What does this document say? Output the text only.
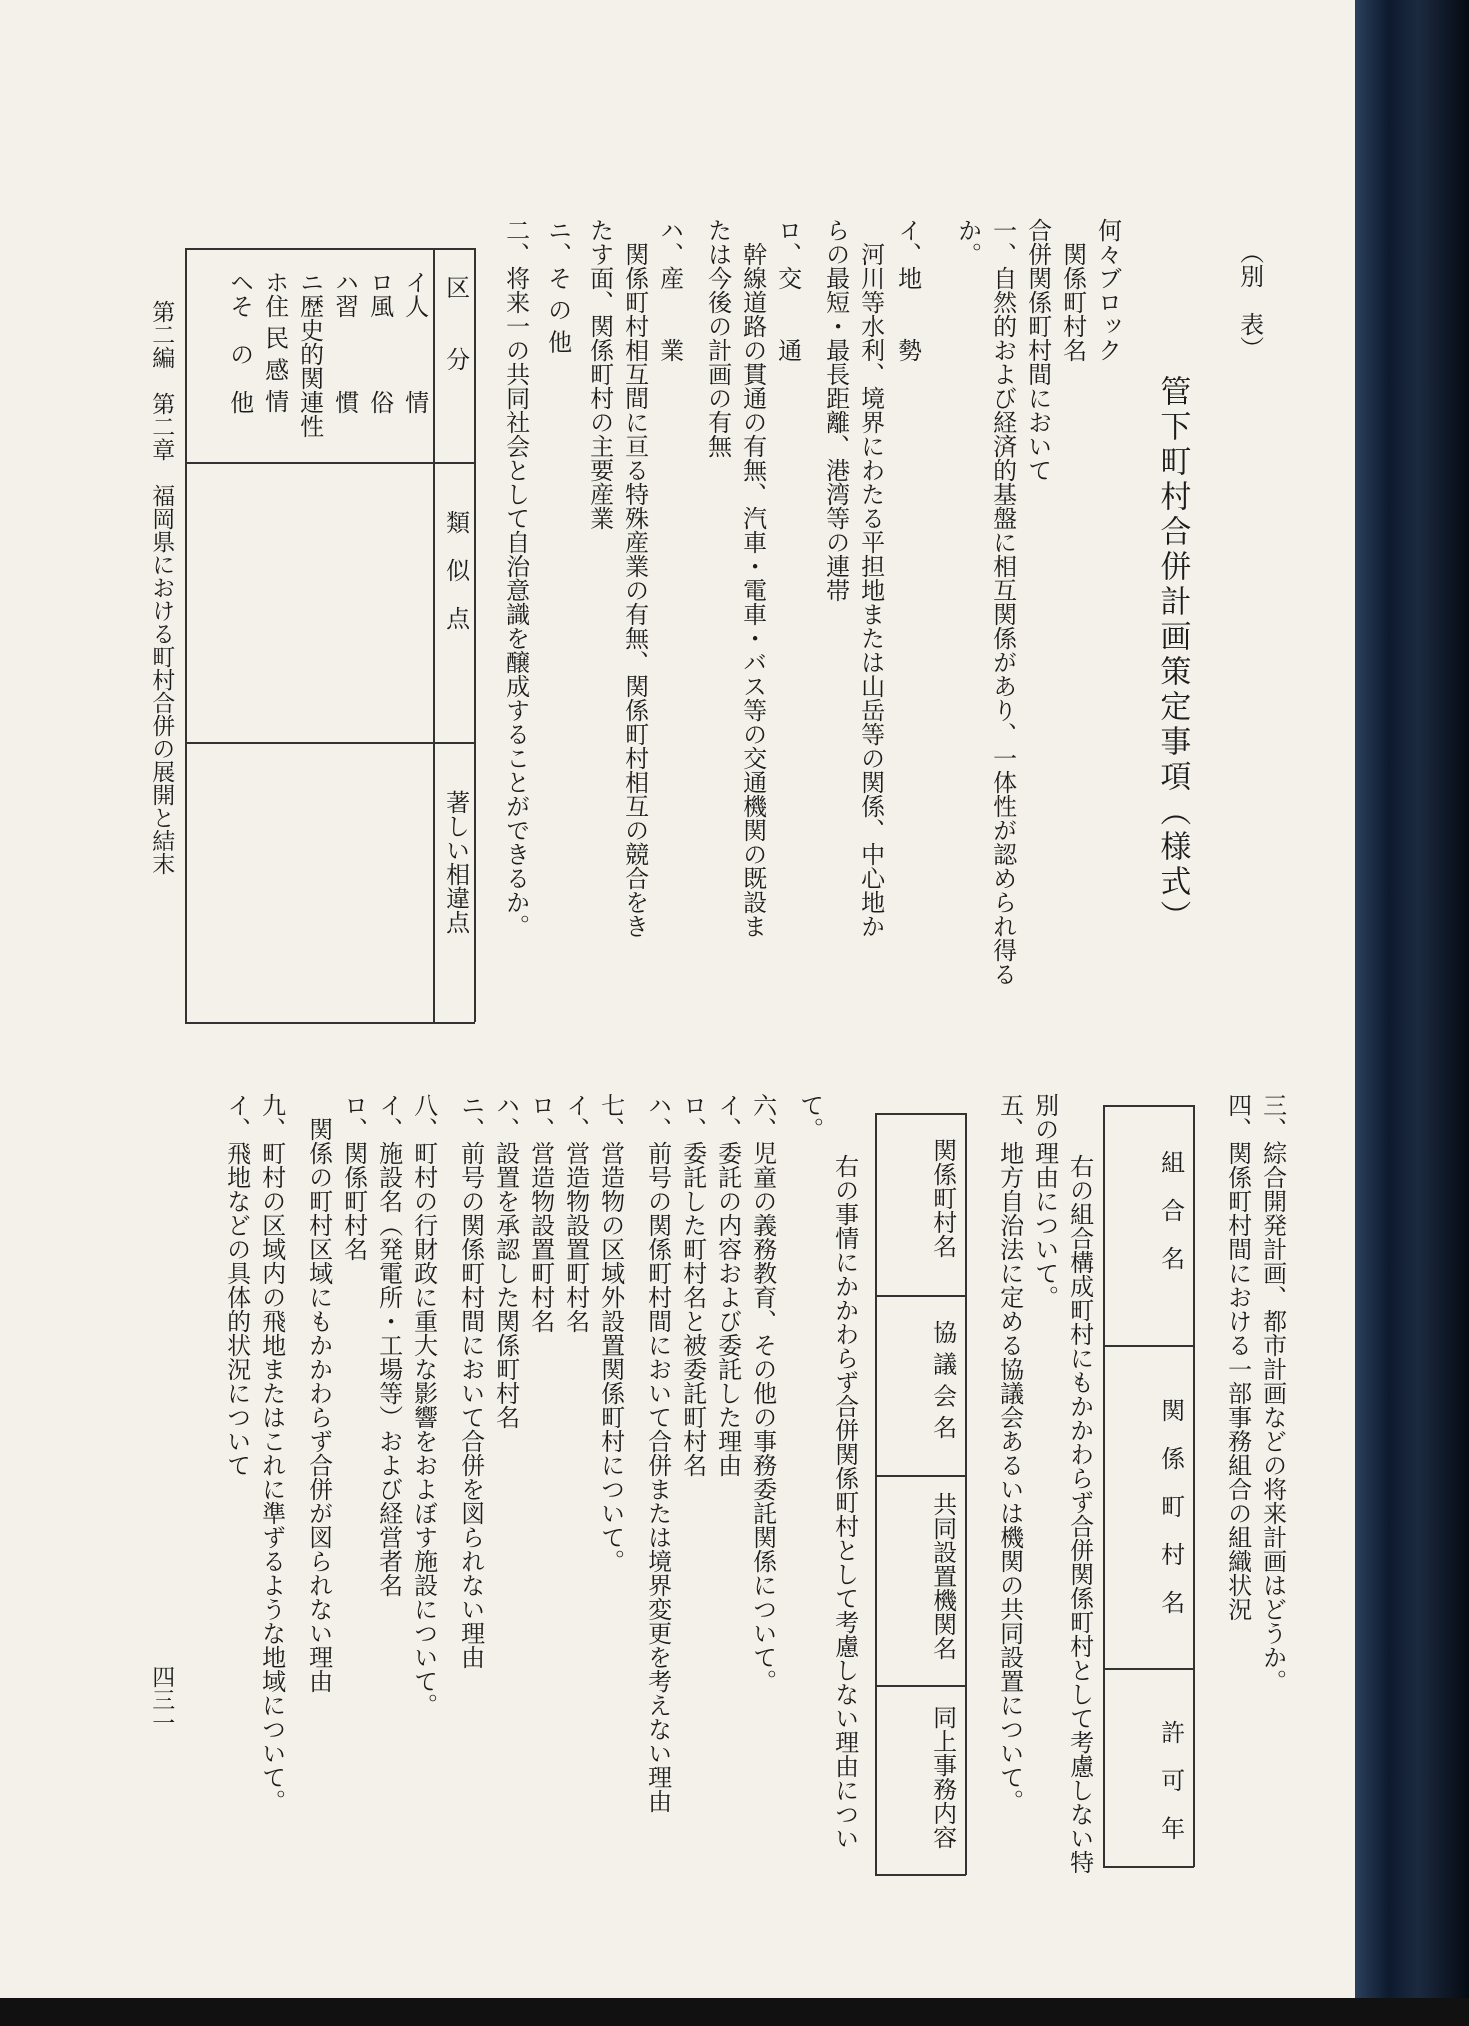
（別　表）
管下町村合併計画策定事項（様式）
何々ブロック
　関係町村名
合併関係町村間において
一、自然的および経済的基盤に相互関係があり、一体性が認められ得る
か。
イ、地　　勢
　河川等水利、境界にわたる平担地または山岳等の関係、中心地か
らの最短・最長距離、港湾等の連帯
ロ、交　　通
　幹線道路の貫通の有無、汽車・電車・バス等の交通機関の既設ま
たは今後の計画の有無
ハ、産　　業
　関係町村相互間に亘る特殊産業の有無、関係町村相互の競合をき
たす面、関係町村の主要産業
ニ、そ の 他
二、将来一の共同社会として自治意識を醸成することができるか。
区　　分
類　似　点
著しい相違点
イ人　　　情
ロ風　　　俗
ハ習　　　慣
ニ歴史的関連性
ホ住 民 感 情
ヘそ　の　他
第二編　第二章　福岡県における町村合併の展開と結末
四三一
三、綜合開発計画、都市計画などの将来計画はどうか。
四、関係町村間における一部事務組合の組織状況
組　合　名
関　係　町　村　名
許　可　年
　右の組合構成町村にもかかわらず合併関係町村として考慮しない特
別の理由について。
五、地方自治法に定める協議会あるいは機関の共同設置について。
関係町村名
協 議 会 名
共同設置機関名
同上事務内容
　右の事情にかかわらず合併関係町村として考慮しない理由につい
て。
六、児童の義務教育、その他の事務委託関係について。
イ、委託の内容および委託した理由
ロ、委託した町村名と被委託町村名
ハ、前号の関係町村間において合併または境界変更を考えない理由
七、営造物の区域外設置関係町村について。
イ、営造物設置町村名
ロ、営造物設置町村名
ハ、設置を承認した関係町村名
ニ、前号の関係町村間において合併を図られない理由
八、町村の行財政に重大な影響をおよぼす施設について。
イ、施設名（発電所・工場等）および経営者名
ロ、関係町村名
　関係の町村区域にもかかわらず合併が図られない理由
九、町村の区域内の飛地またはこれに準ずるような地域について。
イ、飛地などの具体的状況について
